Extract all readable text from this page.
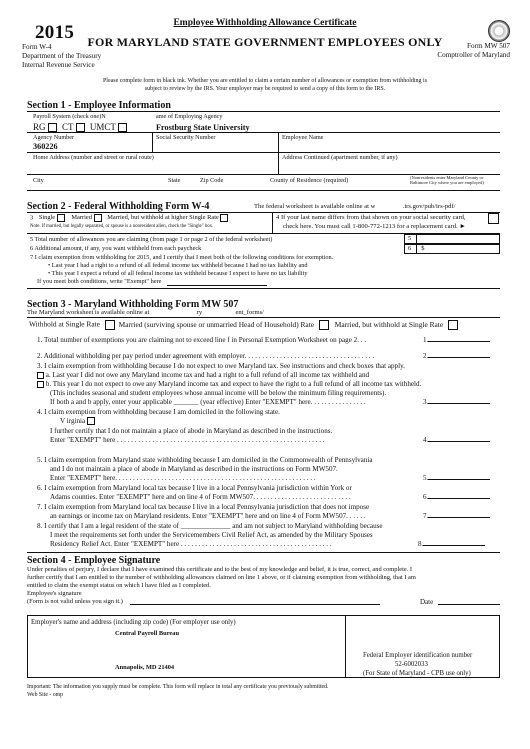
2015	Employee Withholding Allowance Certificate
FOR MARYLAND STATE GOVERNMENT EMPLOYEES ONLY
Form W-4
Department of the Treasury
Internal Revenue Service
Form MW 507
Comptroller of Maryland
Please complete form in black ink. Whether you are entitled to claim a certain number of allowances or exemption from withholding is
subject to review by the IRS. Your employer may be required to send a copy of this form to the IRS.
Section 1 - Employee Information
Payroll System (check one)N	ame of Employing Agency
RG CT UMCT	Frostburg State University
Agency Number	Social Security Number	Employee Name
360226
Home Address (number and street or rural route)	Address Continued (apartment number, if any)
City	State	Zip Code	County of Residence (required)	(Nonresidents enter Maryland County or
Baltimore City where you are employed)
Section 2 - Federal Withholding Form W-4	The federal worksheet is available online at w	.irs.gov/pub/irs-pdf/
3 Single	Married Married, but withhold at higher Single Rate
Note. If married, but legally separated, or spouse is a nonresident alien, check the "Single" box.
4 If your last name differs from that shown on your social security card,
check here. You must call 1-800-772-1213 for a replacement card. ►
5 Total number of allowances you are claiming (from page 1 or page 2 of the federal worksheet)
6 Additional amount, if any, you want withheld from each paycheck
5
6 $
7 I claim exemption from withholding for 2015, and I certify that I meet both of the following conditions for exemption.
• Last year I had a right to a refund of all federal income tax withheld because I had no tax liability and
• This year I expect a refund of all federal income tax withheld because I expect to have no tax liability
If you meet both conditions, write "Exempt" here
Section 3 - Maryland Withholding Form MW 507
The Maryland worksheet is available online at	ry	ent_forms/
Withhold at Single Rate	Married (surviving spouse or unmarried Head of Household) Rate	Married, but withhold at Single Rate
1. Total number of exemptions you are claiming not to exceed line f in Personal Exemption Worksheet on page 2. . .	1.
2. Additional withholding per pay period under agreement with employer. . . . . . . . . . . . . . . . . . . . . . . . . . . . . . . . . . . . .	2.
3. I claim exemption from withholding because I do not expect to owe Maryland tax. See instructions and check boxes that apply.
a. Last year I did not owe any Maryland income tax and had a right to a full refund of all income tax withheld and
b. This year I do not expect to owe any Maryland income tax and expect to have the right to a full refund of all income tax withheld.
(This includes seasonal and student employees whose annual income will be below the minimum filing requirements).
If both a and b apply, enter your applicable _______ (year effective) Enter "EXEMPT" here. . . . . . . . . . . . . . . .	3.
4. I claim exemption from withholding because I am domiciled in the following state.
V irginia
I further certify that I do not maintain a place of abode in Maryland as described in the instructions.
Enter "EXEMPT" here . . . . . . . . . . . . . . . . . . . . . . . . . . . . . . . . . . . . . . . . . . . . . . . . . . . . . . . . . . .	4.
5. I claim exemption from Maryland state withholding because I am domiciled in the Commonwealth of Pennsylvania
and I do not maintain a place of abode in Maryland as described in the instructions on Form MW507.
Enter "EXEMPT" here. . . . . . . . . . . . . . . . . . . . . . . . . . . . . . . . . . . . . . . . . . . . . . . . . . . . . . . . .	5.
6. I claim exemption from Maryland local tax because I live in a local Pennsylvania jurisdiction within York or
Adams counties. Enter "EXEMPT" here and on line 4 of Form MW507. . . . . . . . . . . . . . . . . . . . . . . . . . . .	6.
7. I claim exemption from Maryland local tax because I live in a local Pennsylvania jurisdiction that does not impose
an earnings or income tax on Maryland residents. Enter "EXEMPT" here and on line 4 of Form MW507. . . . . .	7.
8. I certify that I am a legal resident of the state of ______________ and am not subject to Maryland withholding because
I meet the requirements set forth under the Servicemembers Civil Relief Act, as amended by the Military Spouses
Residency Relief Act. Enter "EXEMPT" here . . . . . . . . . . . . . . . . . . . . . . . . . . . . . . . . . . . . . . . . . . .	8.
Section 4 - Employee Signature
Under penalties of perjury, I declare that I have examined this certificate and to the best of my knowledge and belief, it is true, correct, and complete. I
further certify that I am entitled to the number of withholding allowances claimed on line 1 above, or if claiming exemption from withholding, that I am
entitled to claim the exempt status on which I have filed as I completed.
Employee's signature
(Form is not valid unless you sign it.)	Date
Employer's name and address (including zip code) (For employer use only)
Central Payroll Bureau
Annapolis, MD 21404
Federal Employer identification number
52-6002033
(For State of Maryland - CPB use only)
Important: The information you supply must be complete. This form will replace in total any certificate you previously submitted.
Web Site - omp
